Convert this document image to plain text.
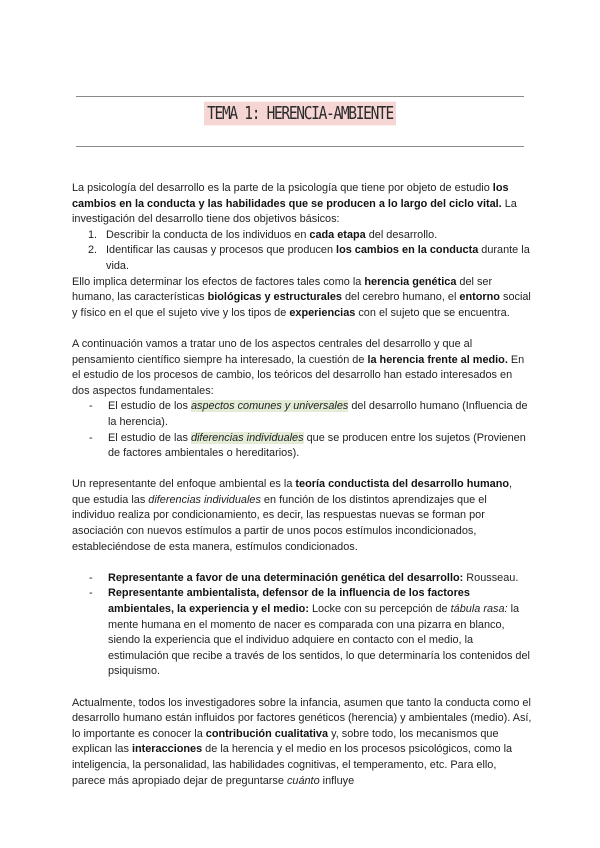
TEMA 1: HERENCIA-AMBIENTE

La psicología del desarrollo es la parte de la psicología que tiene por objeto de estudio los cambios en la conducta y las habilidades que se producen a lo largo del ciclo vital. La investigación del desarrollo tiene dos objetivos básicos:

1. Describir la conducta de los individuos en cada etapa del desarrollo.
2. Identificar las causas y procesos que producen los cambios en la conducta durante la vida.

Ello implica determinar los efectos de factores tales como la herencia genética del ser humano, las características biológicas y estructurales del cerebro humano, el entorno social y físico en el que el sujeto vive y los tipos de experiencias con el sujeto que se encuentra.

A continuación vamos a tratar uno de los aspectos centrales del desarrollo y que al pensamiento científico siempre ha interesado, la cuestión de la herencia frente al medio. En el estudio de los procesos de cambio, los teóricos del desarrollo han estado interesados en dos aspectos fundamentales:

- El estudio de los aspectos comunes y universales del desarrollo humano (Influencia de la herencia).
- El estudio de las diferencias individuales que se producen entre los sujetos (Provienen de factores ambientales o hereditarios).

Un representante del enfoque ambiental es la teoría conductista del desarrollo humano, que estudia las diferencias individuales en función de los distintos aprendizajes que el individuo realiza por condicionamiento, es decir, las respuestas nuevas se forman por asociación con nuevos estímulos a partir de unos pocos estímulos incondicionados, estableciéndose de esta manera, estímulos condicionados.

- Representante a favor de una determinación genética del desarrollo: Rousseau.
- Representante ambientalista, defensor de la influencia de los factores ambientales, la experiencia y el medio: Locke con su percepción de tábula rasa: la mente humana en el momento de nacer es comparada con una pizarra en blanco, siendo la experiencia que el individuo adquiere en contacto con el medio, la estimulación que recibe a través de los sentidos, lo que determinaría los contenidos del psiquismo.

Actualmente, todos los investigadores sobre la infancia, asumen que tanto la conducta como el desarrollo humano están influidos por factores genéticos (herencia) y ambientales (medio). Así, lo importante es conocer la contribución cualitativa y, sobre todo, los mecanismos que explican las interacciones de la herencia y el medio en los procesos psicológicos, como la inteligencia, la personalidad, las habilidades cognitivas, el temperamento, etc. Para ello, parece más apropiado dejar de preguntarse cuánto influye
